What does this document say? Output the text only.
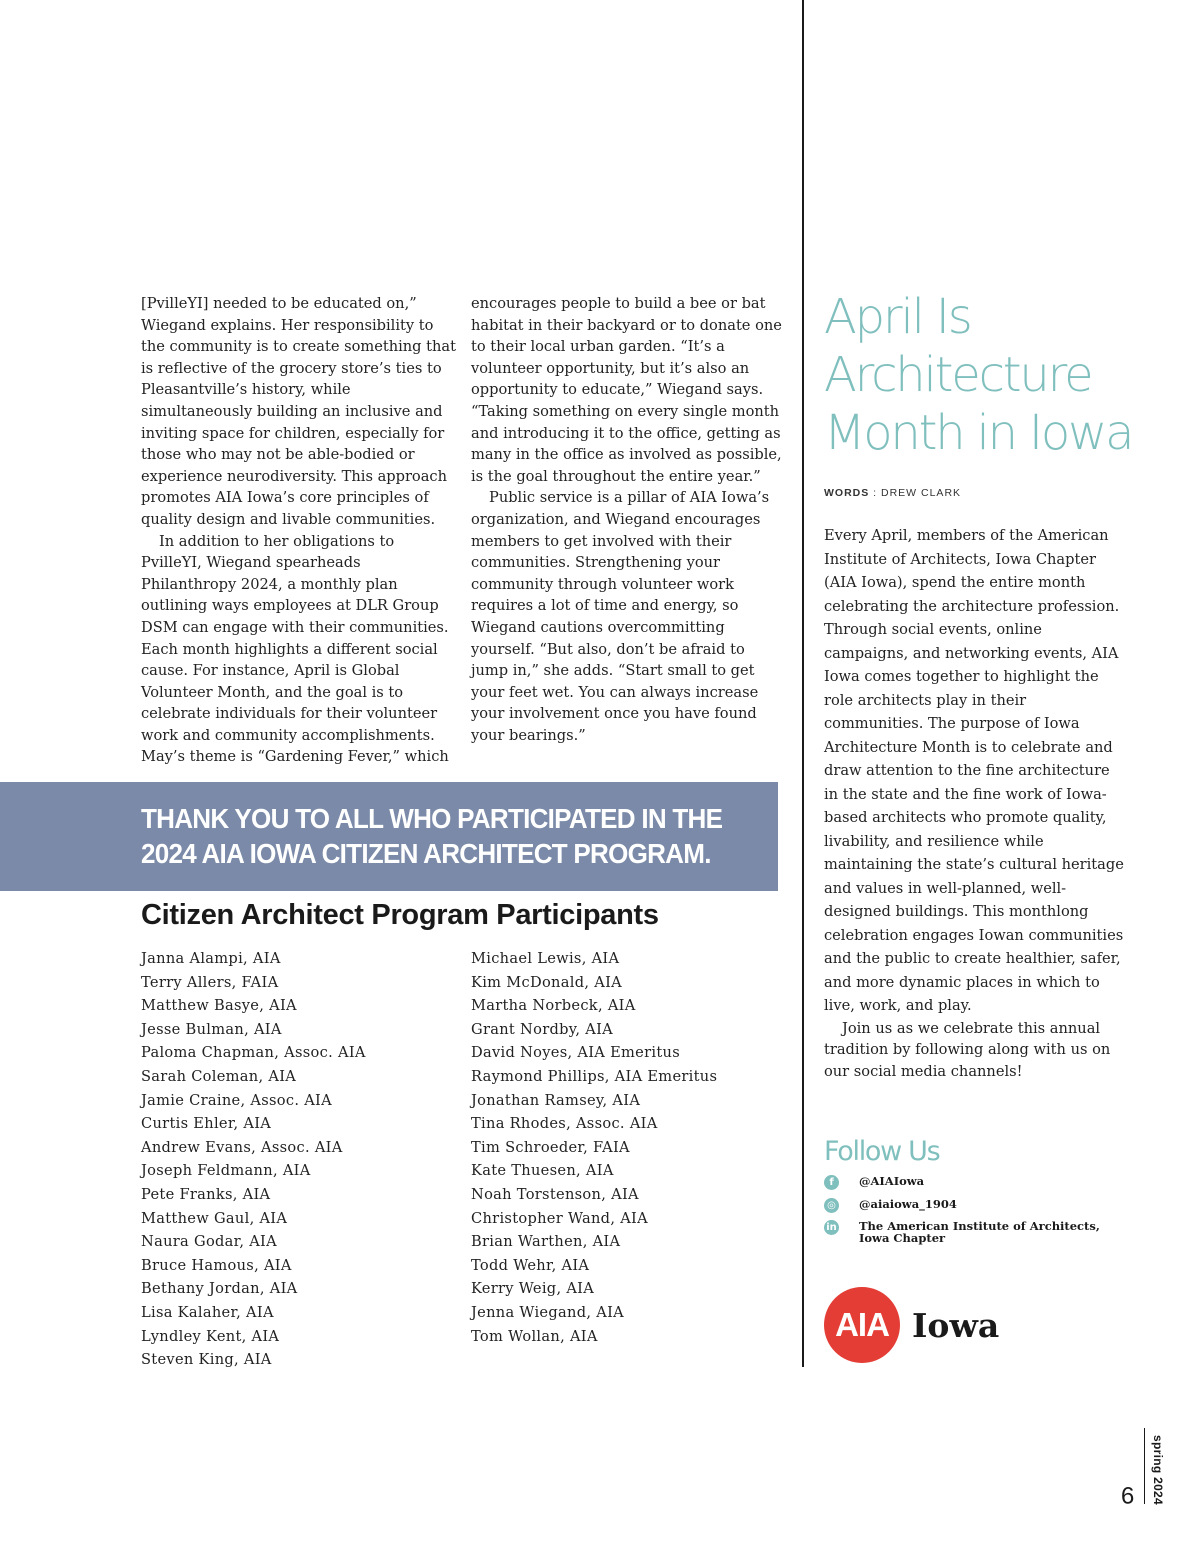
[PvilleYI] needed to be educated on,” Wiegand explains. Her responsibility to the community is to create something that is reflective of the grocery store’s ties to Pleasantville’s history, while simultaneously building an inclusive and inviting space for children, especially for those who may not be able-bodied or experience neurodiversity. This approach promotes AIA Iowa’s core principles of quality design and livable communities.

In addition to her obligations to PvilleYI, Wiegand spearheads Philanthropy 2024, a monthly plan outlining ways employees at DLR Group DSM can engage with their communities. Each month highlights a different social cause. For instance, April is Global Volunteer Month, and the goal is to celebrate individuals for their volunteer work and community accomplishments. May’s theme is “Gardening Fever,” which

encourages people to build a bee or bat habitat in their backyard or to donate one to their local urban garden. “It’s a volunteer opportunity, but it’s also an opportunity to educate,” Wiegand says. “Taking something on every single month and introducing it to the office, getting as many in the office as involved as possible, is the goal throughout the entire year.”

Public service is a pillar of AIA Iowa’s organization, and Wiegand encourages members to get involved with their communities. Strengthening your community through volunteer work requires a lot of time and energy, so Wiegand cautions overcommitting yourself. “But also, don’t be afraid to jump in,” she adds. “Start small to get your feet wet. You can always increase your involvement once you have found your bearings.”

THANK YOU TO ALL WHO PARTICIPATED IN THE
2024 AIA IOWA CITIZEN ARCHITECT PROGRAM.
Citizen Architect Program Participants
Janna Alampi, AIA
Terry Allers, FAIA
Matthew Basye, AIA
Jesse Bulman, AIA
Paloma Chapman, Assoc. AIA
Sarah Coleman, AIA
Jamie Craine, Assoc. AIA
Curtis Ehler, AIA
Andrew Evans, Assoc. AIA
Joseph Feldmann, AIA
Pete Franks, AIA
Matthew Gaul, AIA
Naura Godar, AIA
Bruce Hamous, AIA
Bethany Jordan, AIA
Lisa Kalaher, AIA
Lyndley Kent, AIA
Steven King, AIA
Michael Lewis, AIA
Kim McDonald, AIA
Martha Norbeck, AIA
Grant Nordby, AIA
David Noyes, AIA Emeritus
Raymond Phillips, AIA Emeritus
Jonathan Ramsey, AIA
Tina Rhodes, Assoc. AIA
Tim Schroeder, FAIA
Kate Thuesen, AIA
Noah Torstenson, AIA
Christopher Wand, AIA
Brian Warthen, AIA
Todd Wehr, AIA
Kerry Weig, AIA
Jenna Wiegand, AIA
Tom Wollan, AIA
April Is
Architecture
Month in Iowa
WORDS : DREW CLARK

Every April, members of the American Institute of Architects, Iowa Chapter (AIA Iowa), spend the entire month celebrating the architecture profession. Through social events, online campaigns, and networking events, AIA Iowa comes together to highlight the role architects play in their communities. The purpose of Iowa Architecture Month is to celebrate and draw attention to the fine architecture in the state and the fine work of Iowa-based architects who promote quality, livability, and resilience while maintaining the state’s cultural heritage and values in well-planned, well-designed buildings. This monthlong celebration engages Iowan communities and the public to create healthier, safer, and more dynamic places in which to live, work, and play.

Join us as we celebrate this annual tradition by following along with us on our social media channels!

Follow Us
f	@AIAIowa
◎ @aiaiowa_1904
in The American Institute of Architects, Iowa Chapter
AIA Iowa
9 spring 2024
